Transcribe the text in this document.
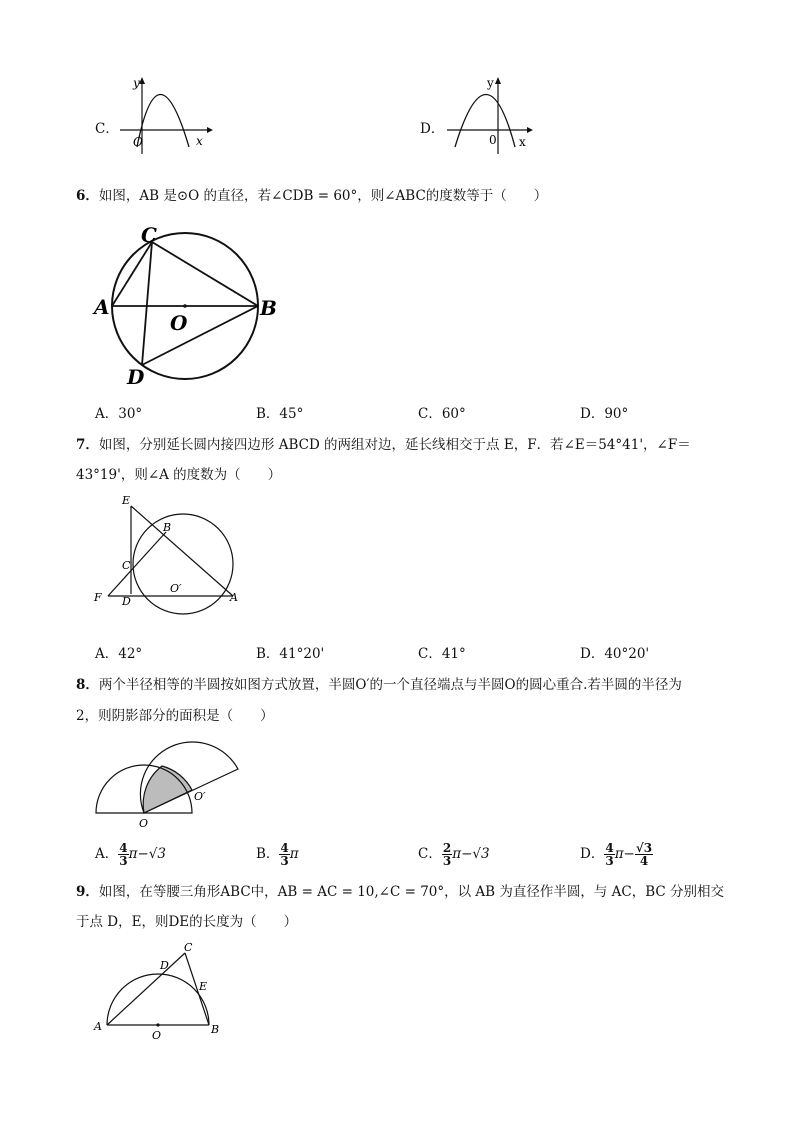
C．
y
x
O
D．
y
x
0
6．如图，AB 是⊙O 的直径，若∠CDB = 60°，则∠ABC的度数等于（　　）
A	B
C
D
O
A．30°	B．45°	C．60°	D．90°
7．如图，分别延长圆内接四边形 ABCD 的两组对边，延长线相交于点 E，F．若∠E＝54°41'，∠F＝
43°19'，则∠A 的度数为（　　）
E
B
C
F D
O′
A
A．42°	B．41°20'	C．41°	D．40°20'
8．两个半径相等的半圆按如图方式放置，半圆O′的一个直径端点与半圆O的圆心重合.若半圆的半径为
2，则阴影部分的面积是（　　）
O
O′
A． $\frac{4}{3} \pi-√3$	B． $\frac{4}{3}$ π	C． $\frac{2}{3} \pi-√3$	D． $\frac{4}{3} \pi- \frac{√3}{4}$
9．如图，在等腰三角形ABC中，AB = AC = 10,∠C = 70°，以 AB 为直径作半圆，与 AC，BC 分别相交
于点 D，E，则DE的长度为（　　）
A	B
C
D
E
O
